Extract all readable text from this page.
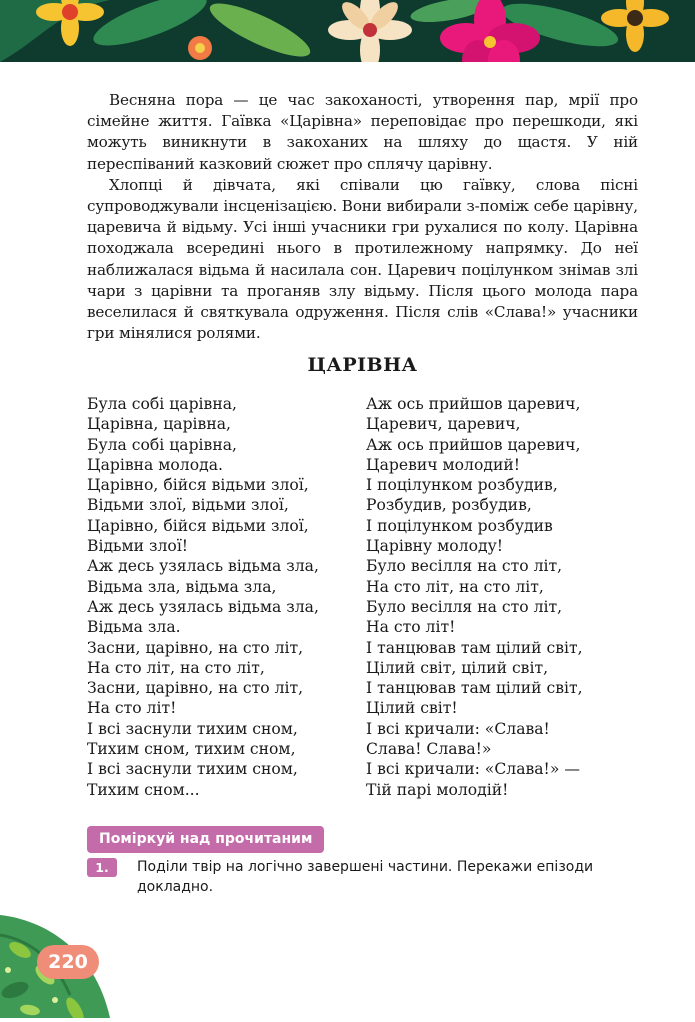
Весняна пора — це час закоханості, утворення пар, мрії про сімейне життя. Гаївка «Царівна» переповідає про перешкоди, які можуть виникнути в закоханих на шляху до щастя. У ній переспіваний казковий сюжет про сплячу царівну.

Хлопці й дівчата, які співали цю гаївку, слова пісні супроводжували інсценізацією. Вони вибирали з-поміж себе царівну, царевича й відьму. Усі інші учасники гри рухалися по колу. Царівна походжала всередині нього в протилежному напрямку. До неї наближалася відьма й насилала сон. Царевич поцілунком знімав злі чари з царівни та проганяв злу відьму. Після цього молода пара веселилася й святкувала одруження. Після слів «Слава!» учасники гри мінялися ролями.

ЦАРІВНА
Була собі царівна,
Царівна, царівна,
Була собі царівна,
Царівна молода.
Царівно, бійся відьми злої,
Відьми злої, відьми злої,
Царівно, бійся відьми злої,
Відьми злої!
Аж десь узялась відьма зла,
Відьма зла, відьма зла,
Аж десь узялась відьма зла,
Відьма зла.
Засни, царівно, на сто літ,
На сто літ, на сто літ,
Засни, царівно, на сто літ,
На сто літ!
І всі заснули тихим сном,
Тихим сном, тихим сном,
І всі заснули тихим сном,
Тихим сном...
Аж ось прийшов царевич,
Царевич, царевич,
Аж ось прийшов царевич,
Царевич молодий!
І поцілунком розбудив,
Розбудив, розбудив,
І поцілунком розбудив
Царівну молоду!
Було весілля на сто літ,
На сто літ, на сто літ,
Було весілля на сто літ,
На сто літ!
І танцював там цілий світ,
Цілий світ, цілий світ,
І танцював там цілий світ,
Цілий світ!
І всі кричали: «Слава!
Слава! Слава!»
І всі кричали: «Слава!» —
Тій парі молодій!
Поміркуй над прочитаним
1.	Поділи твір на логічно завершені частини. Перекажи епізоди докладно.
220
